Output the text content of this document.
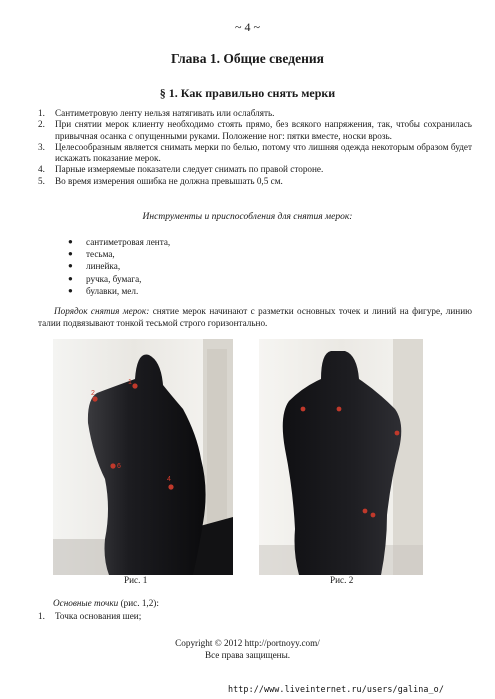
~ 4 ~
Глава 1. Общие сведения
§ 1. Как правильно снять мерки
1. Сантиметровую ленту нельзя натягивать или ослаблять.
2. При снятии мерок клиенту необходимо стоять прямо, без всякого напряжения, так, чтобы сохранилась привычная осанка с опущенными руками. Положение ног: пятки вместе, носки врозь.
3. Целесообразным является снимать мерки по белью, потому что лишняя одежда некоторым образом будет искажать показание мерок.
4. Парные измеряемые показатели следует снимать по правой стороне.
5. Во время измерения ошибка не должна превышать 0,5 см.
Инструменты и приспособления для снятия мерок:
● сантиметровая лента,
● тесьма,
● линейка,
● ручка, бумага,
● булавки, мел.
Порядок снятия мерок: снятие мерок начинают с разметки основных точек и линий на фигуре, линию талии подвязывают тонкой тесьмой строго горизонтально.
1
2
6
4
Рис. 1	Рис. 2
Основные точки (рис. 1,2):
1. Точка основания шеи;
Copyright © 2012 http://portnoyy.com/
Все права защищены.
http://www.liveinternet.ru/users/galina_o/
